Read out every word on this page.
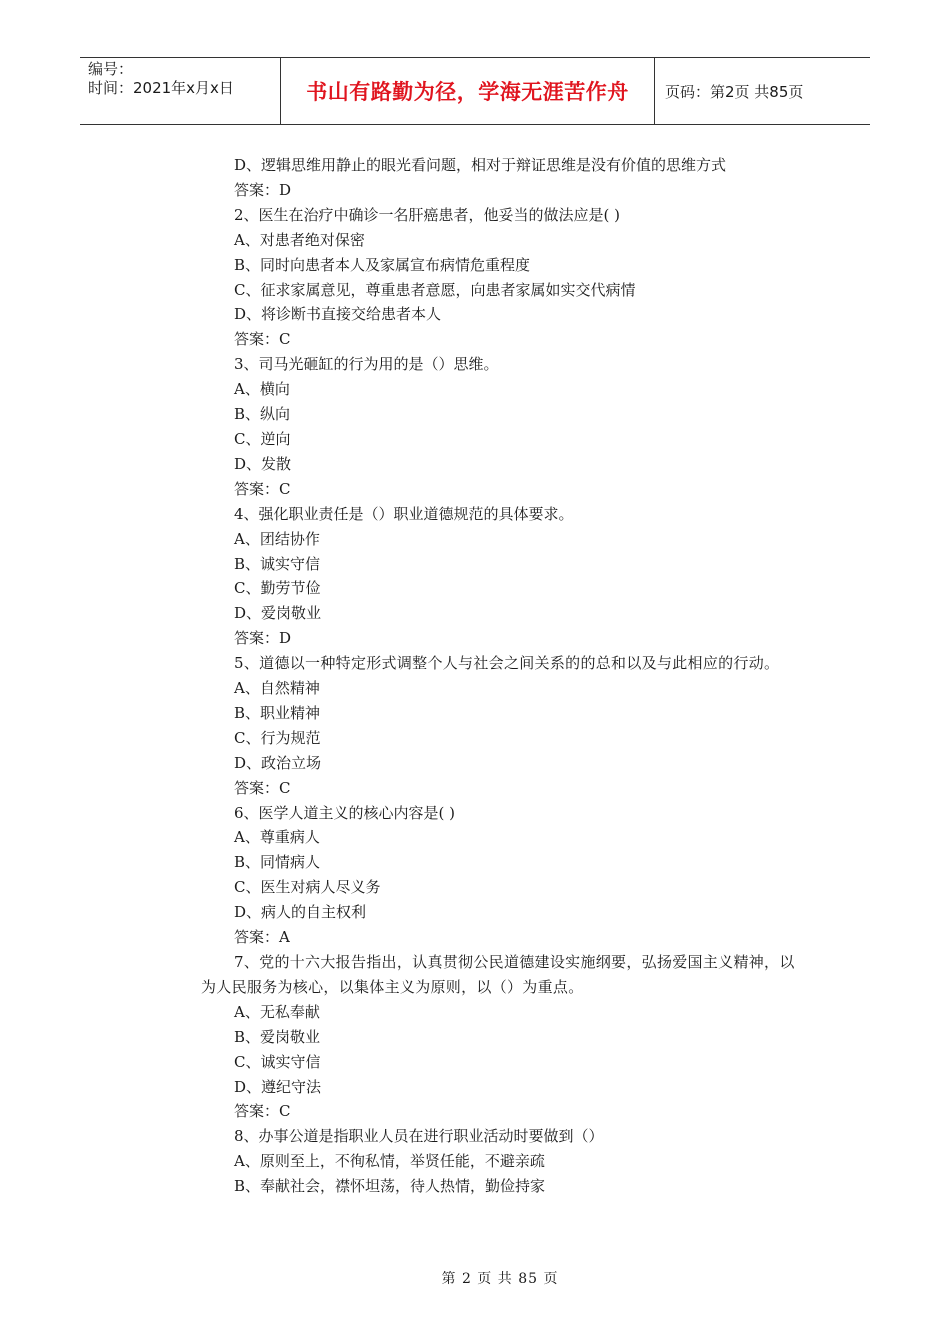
编号：
时间：2021年x月x日	书山有路勤为径，学海无涯苦作舟	页码：第2页 共85页
D、逻辑思维用静止的眼光看问题，相对于辩证思维是没有价值的思维方式
答案：D
2、医生在治疗中确诊一名肝癌患者，他妥当的做法应是( )
A、对患者绝对保密
B、同时向患者本人及家属宣布病情危重程度
C、征求家属意见，尊重患者意愿，向患者家属如实交代病情
D、将诊断书直接交给患者本人
答案：C
3、司马光砸缸的行为用的是（）思维。
A、横向
B、纵向
C、逆向
D、发散
答案：C
4、强化职业责任是（）职业道德规范的具体要求。
A、团结协作
B、诚实守信
C、勤劳节俭
D、爱岗敬业
答案：D
5、道德以一种特定形式调整个人与社会之间关系的的总和以及与此相应的行动。
A、自然精神
B、职业精神
C、行为规范
D、政治立场
答案：C
6、医学人道主义的核心内容是( )
A、尊重病人
B、同情病人
C、医生对病人尽义务
D、病人的自主权利
答案：A
7、党的十六大报告指出，认真贯彻公民道德建设实施纲要，弘扬爱国主义精神，以为人民服务为核心，以集体主义为原则，以（）为重点。
A、无私奉献
B、爱岗敬业
C、诚实守信
D、遵纪守法
答案：C
8、办事公道是指职业人员在进行职业活动时要做到（）
A、原则至上，不徇私情，举贤任能，不避亲疏
B、奉献社会，襟怀坦荡，待人热情，勤俭持家
第 2 页 共 85 页
